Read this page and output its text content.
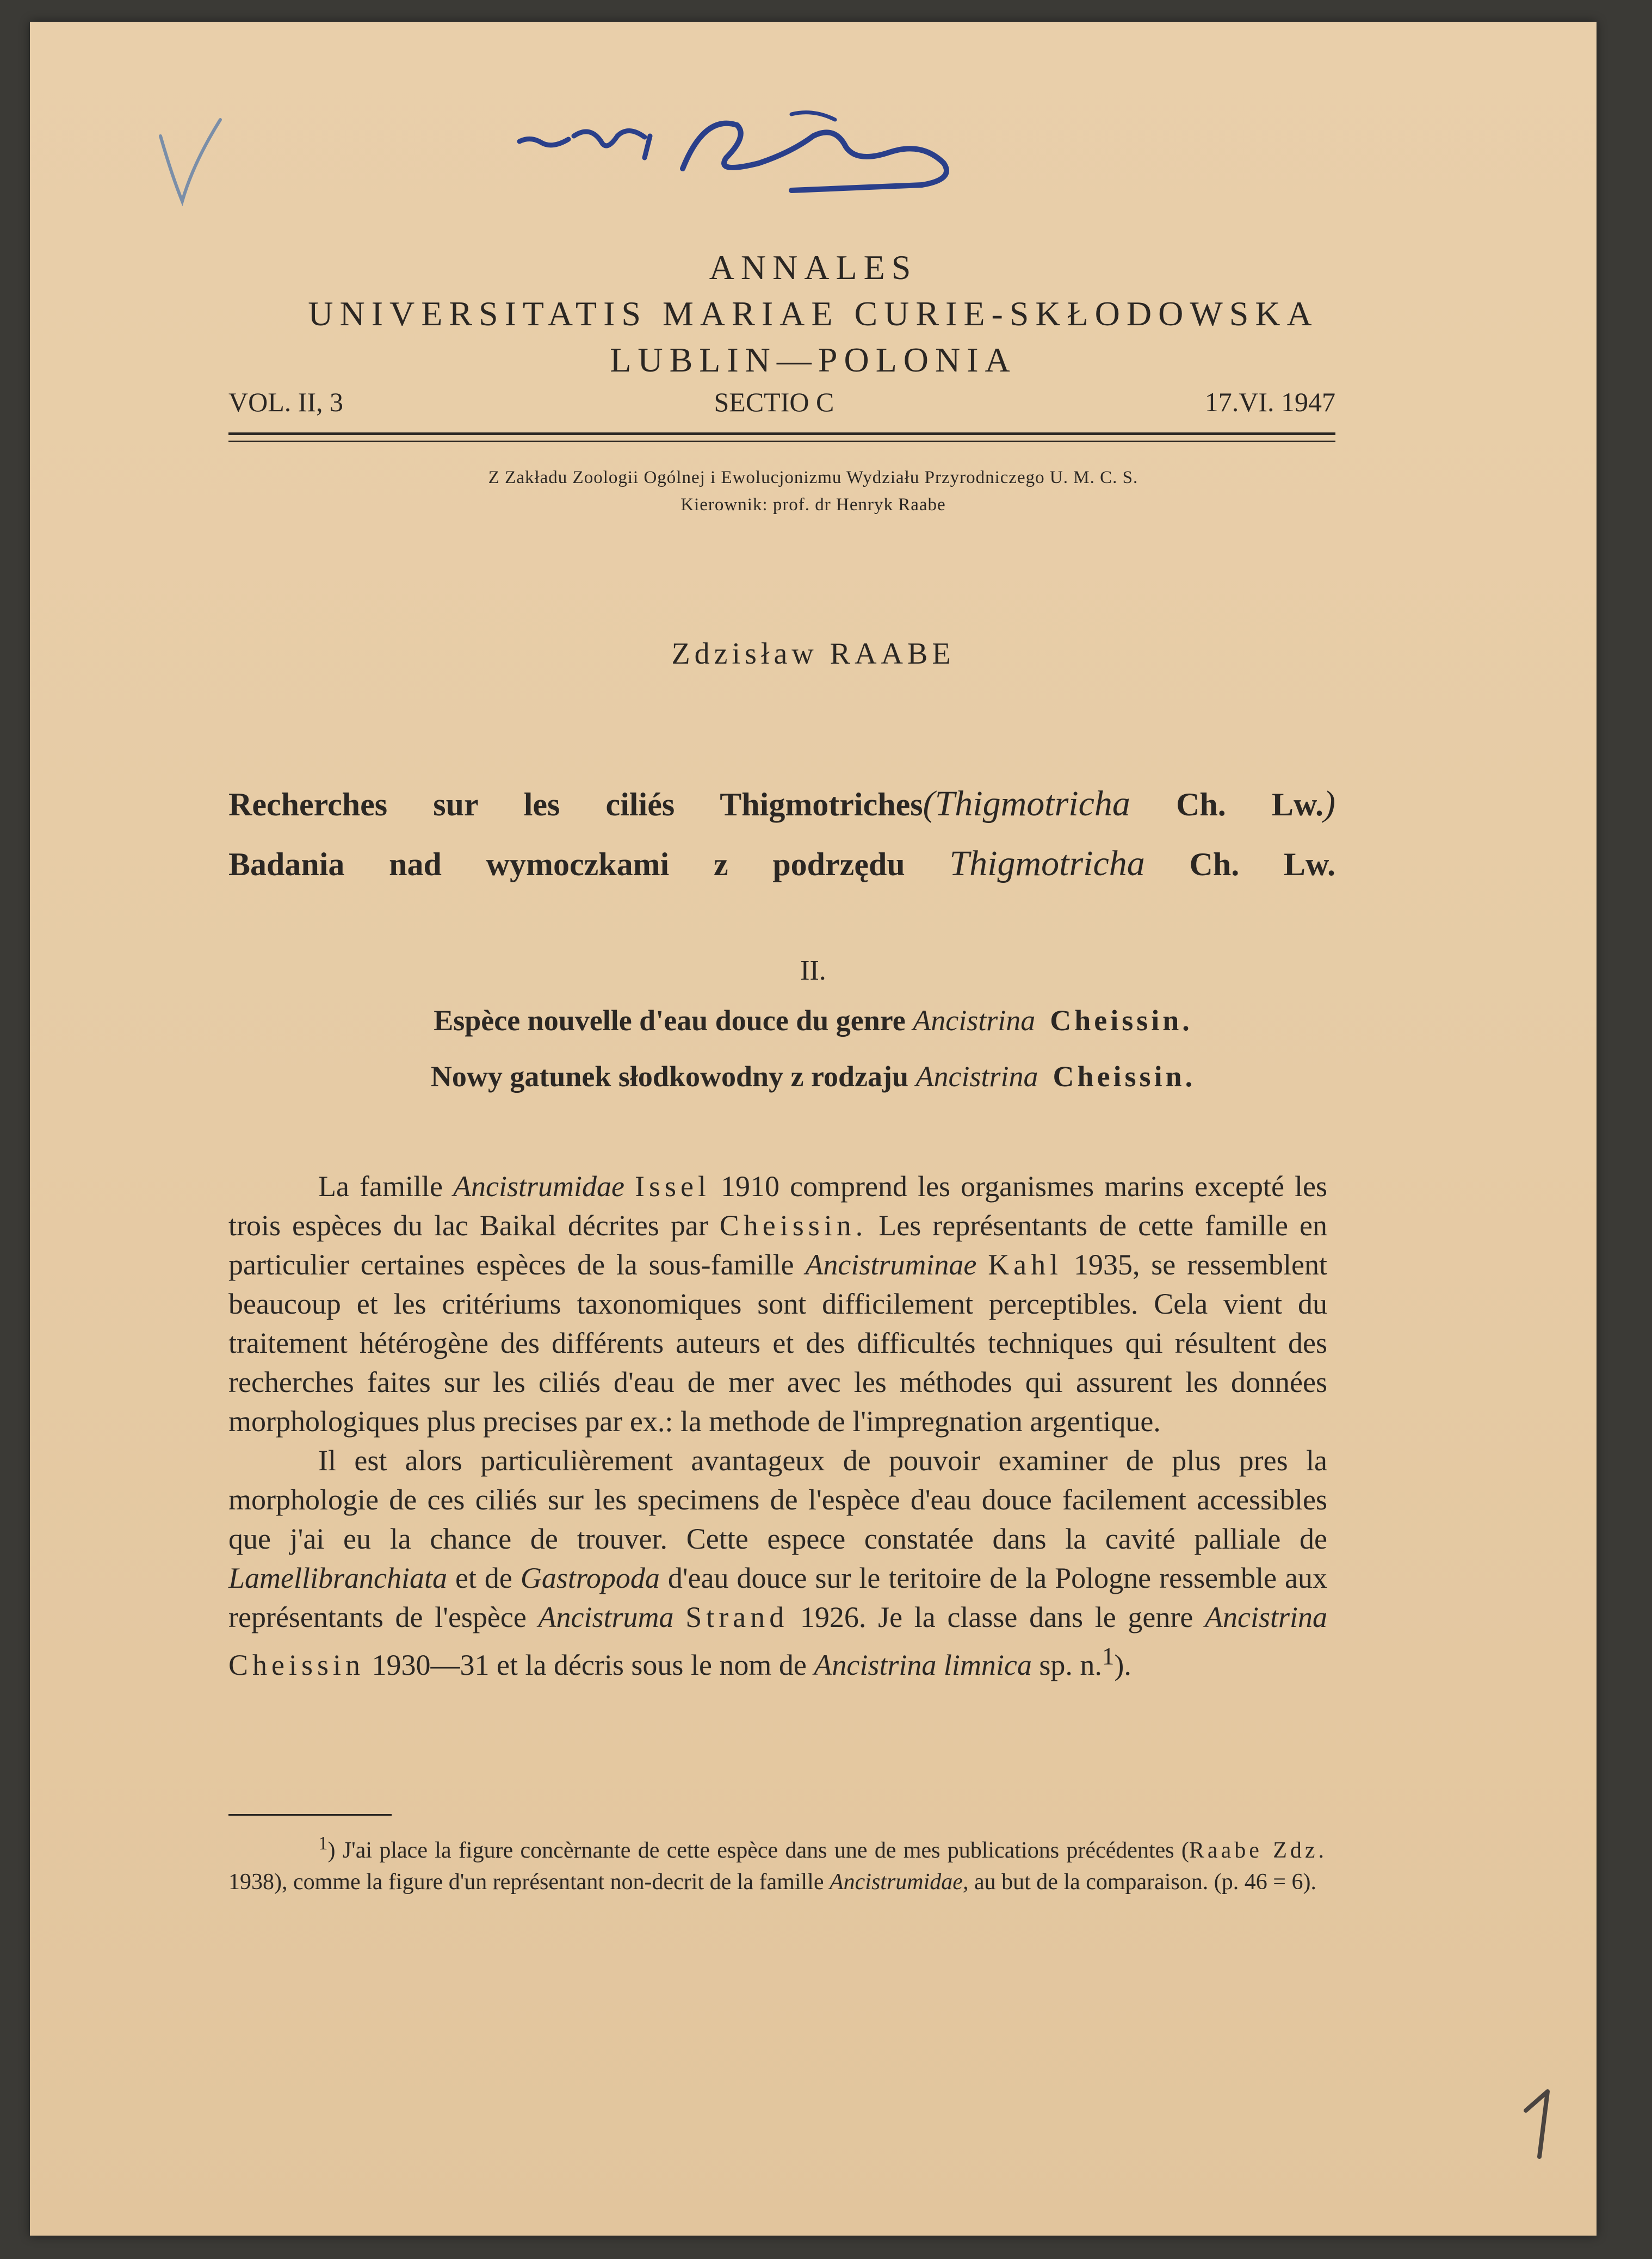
ANNALES
UNIVERSITATIS MARIAE CURIE-SKŁODOWSKA
LUBLIN—POLONIA
VOL. II, 3	SECTIO C	17.VI. 1947
Z Zakładu Zoologii Ogólnej i Ewolucjonizmu Wydziału Przyrodniczego U. M. C. S.
Kierownik: prof. dr Henryk Raabe
Zdzisław RAABE
Recherches sur les ciliés Thigmotriches(Thigmotricha Ch. Lw.)
Badania nad wymoczkami z podrzędu Thigmotricha Ch. Lw.
II.
Espèce nouvelle d'eau douce du genre Ancistrina Cheissin.
Nowy gatunek słodkowodny z rodzaju Ancistrina Cheissin.

La famille Ancistrumidae Issel 1910 comprend les organismes marins excepté les trois espèces du lac Baikal décrites par Cheissin. Les représentants de cette famille en particulier certaines espèces de la sous-famille Ancistruminae Kahl 1935, se ressemblent beaucoup et les critériums taxonomiques sont difficilement perceptibles. Cela vient du traitement hétérogène des différents auteurs et des difficultés techniques qui résultent des recherches faites sur les ciliés d'eau de mer avec les méthodes qui assurent les données morphologiques plus precises par ex.: la methode de l'impregnation argentique.

Il est alors particulièrement avantageux de pouvoir examiner de plus pres la morphologie de ces ciliés sur les specimens de l'espèce d'eau douce facilement accessibles que j'ai eu la chance de trouver. Cette espece constatée dans la cavité palliale de Lamellibranchiata et de Gastropoda d'eau douce sur le teritoire de la Pologne ressemble aux représentants de l'espèce Ancistruma Strand 1926. Je la classe dans le genre Ancistrina Cheissin 1930—31 et la décris sous le nom de Ancistrina limnica sp. n.$^1$).

$^1$) J'ai place la figure concèrnante de cette espèce dans une de mes publications précédentes (Raabe Zdz. 1938), comme la figure d'un représentant non-decrit de la famille Ancistrumidae, au but de la comparaison. (p. 46 = 6).
